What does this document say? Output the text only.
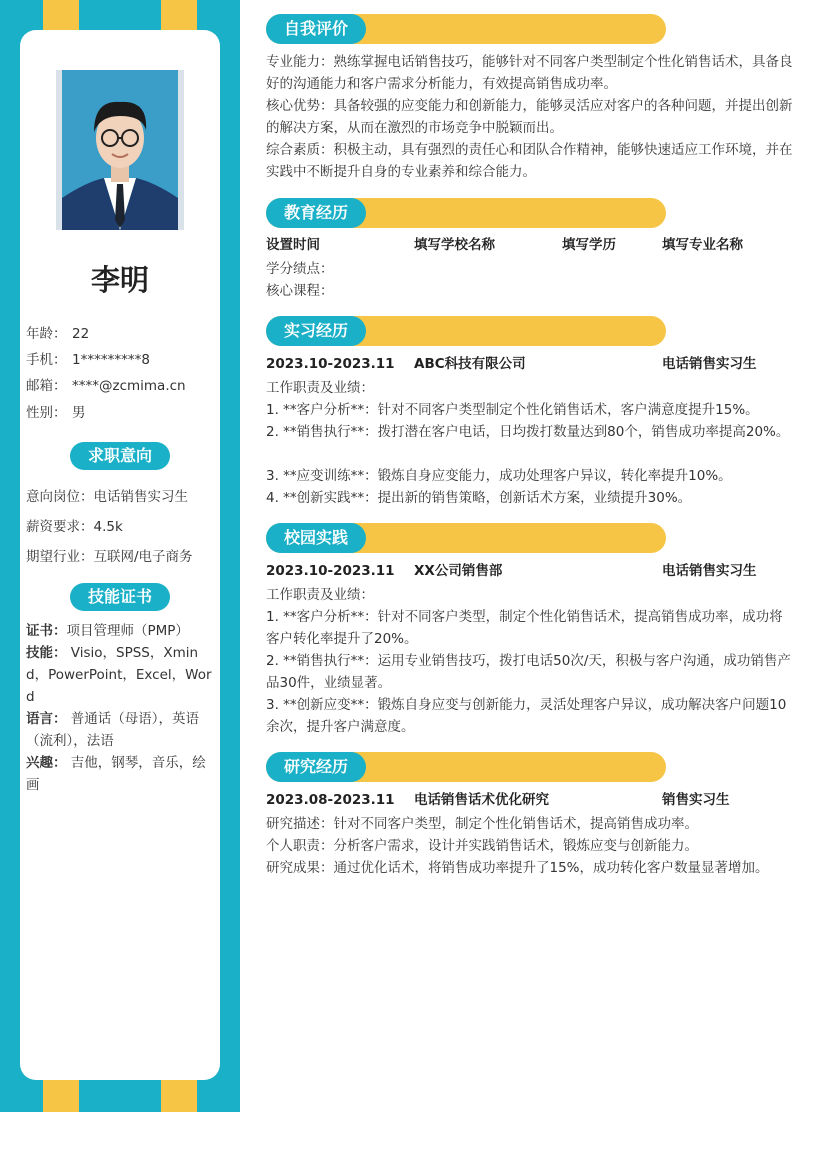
李明
年龄： 22
手机： 1*********8
邮箱： ****@zcmima.cn
性别： 男
求职意向
意向岗位：电话销售实习生
薪资要求：4.5k
期望行业：互联网/电子商务
技能证书
证书：项目管理师（PMP）
技能： Visio，SPSS，Xmind，PowerPoint，Excel，Word
语言： 普通话（母语），英语（流利），法语
兴趣： 吉他，钢琴，音乐，绘画
自我评价
专业能力：熟练掌握电话销售技巧，能够针对不同客户类型制定个性化销售话术，具备良好的沟通能力和客户需求分析能力，有效提高销售成功率。
核心优势：具备较强的应变能力和创新能力，能够灵活应对客户的各种问题，并提出创新的解决方案，从而在激烈的市场竞争中脱颖而出。
综合素质：积极主动，具有强烈的责任心和团队合作精神，能够快速适应工作环境，并在实践中不断提升自身的专业素养和综合能力。
教育经历
设置时间	填写学校名称	填写学历	填写专业名称
学分绩点：
核心课程：
实习经历
2023.10-2023.11 ABC科技有限公司	电话销售实习生
工作职责及业绩：
1. **客户分析**：针对不同客户类型制定个性化销售话术，客户满意度提升15%。
2. **销售执行**：拨打潜在客户电话，日均拨打数量达到80个，销售成功率提高20%。
3. **应变训练**：锻炼自身应变能力，成功处理客户异议，转化率提升10%。
4. **创新实践**：提出新的销售策略，创新话术方案，业绩提升30%。
校园实践
2023.10-2023.11 XX公司销售部	电话销售实习生
工作职责及业绩：
1. **客户分析**：针对不同客户类型，制定个性化销售话术，提高销售成功率，成功将客户转化率提升了20%。
2. **销售执行**：运用专业销售技巧，拨打电话50次/天，积极与客户沟通，成功销售产品30件，业绩显著。
3. **创新应变**：锻炼自身应变与创新能力，灵活处理客户异议，成功解决客户问题10余次，提升客户满意度。
研究经历
2023.08-2023.11 电话销售话术优化研究	销售实习生
研究描述：针对不同客户类型，制定个性化销售话术，提高销售成功率。
个人职责：分析客户需求，设计并实践销售话术，锻炼应变与创新能力。
研究成果：通过优化话术，将销售成功率提升了15%，成功转化客户数量显著增加。
